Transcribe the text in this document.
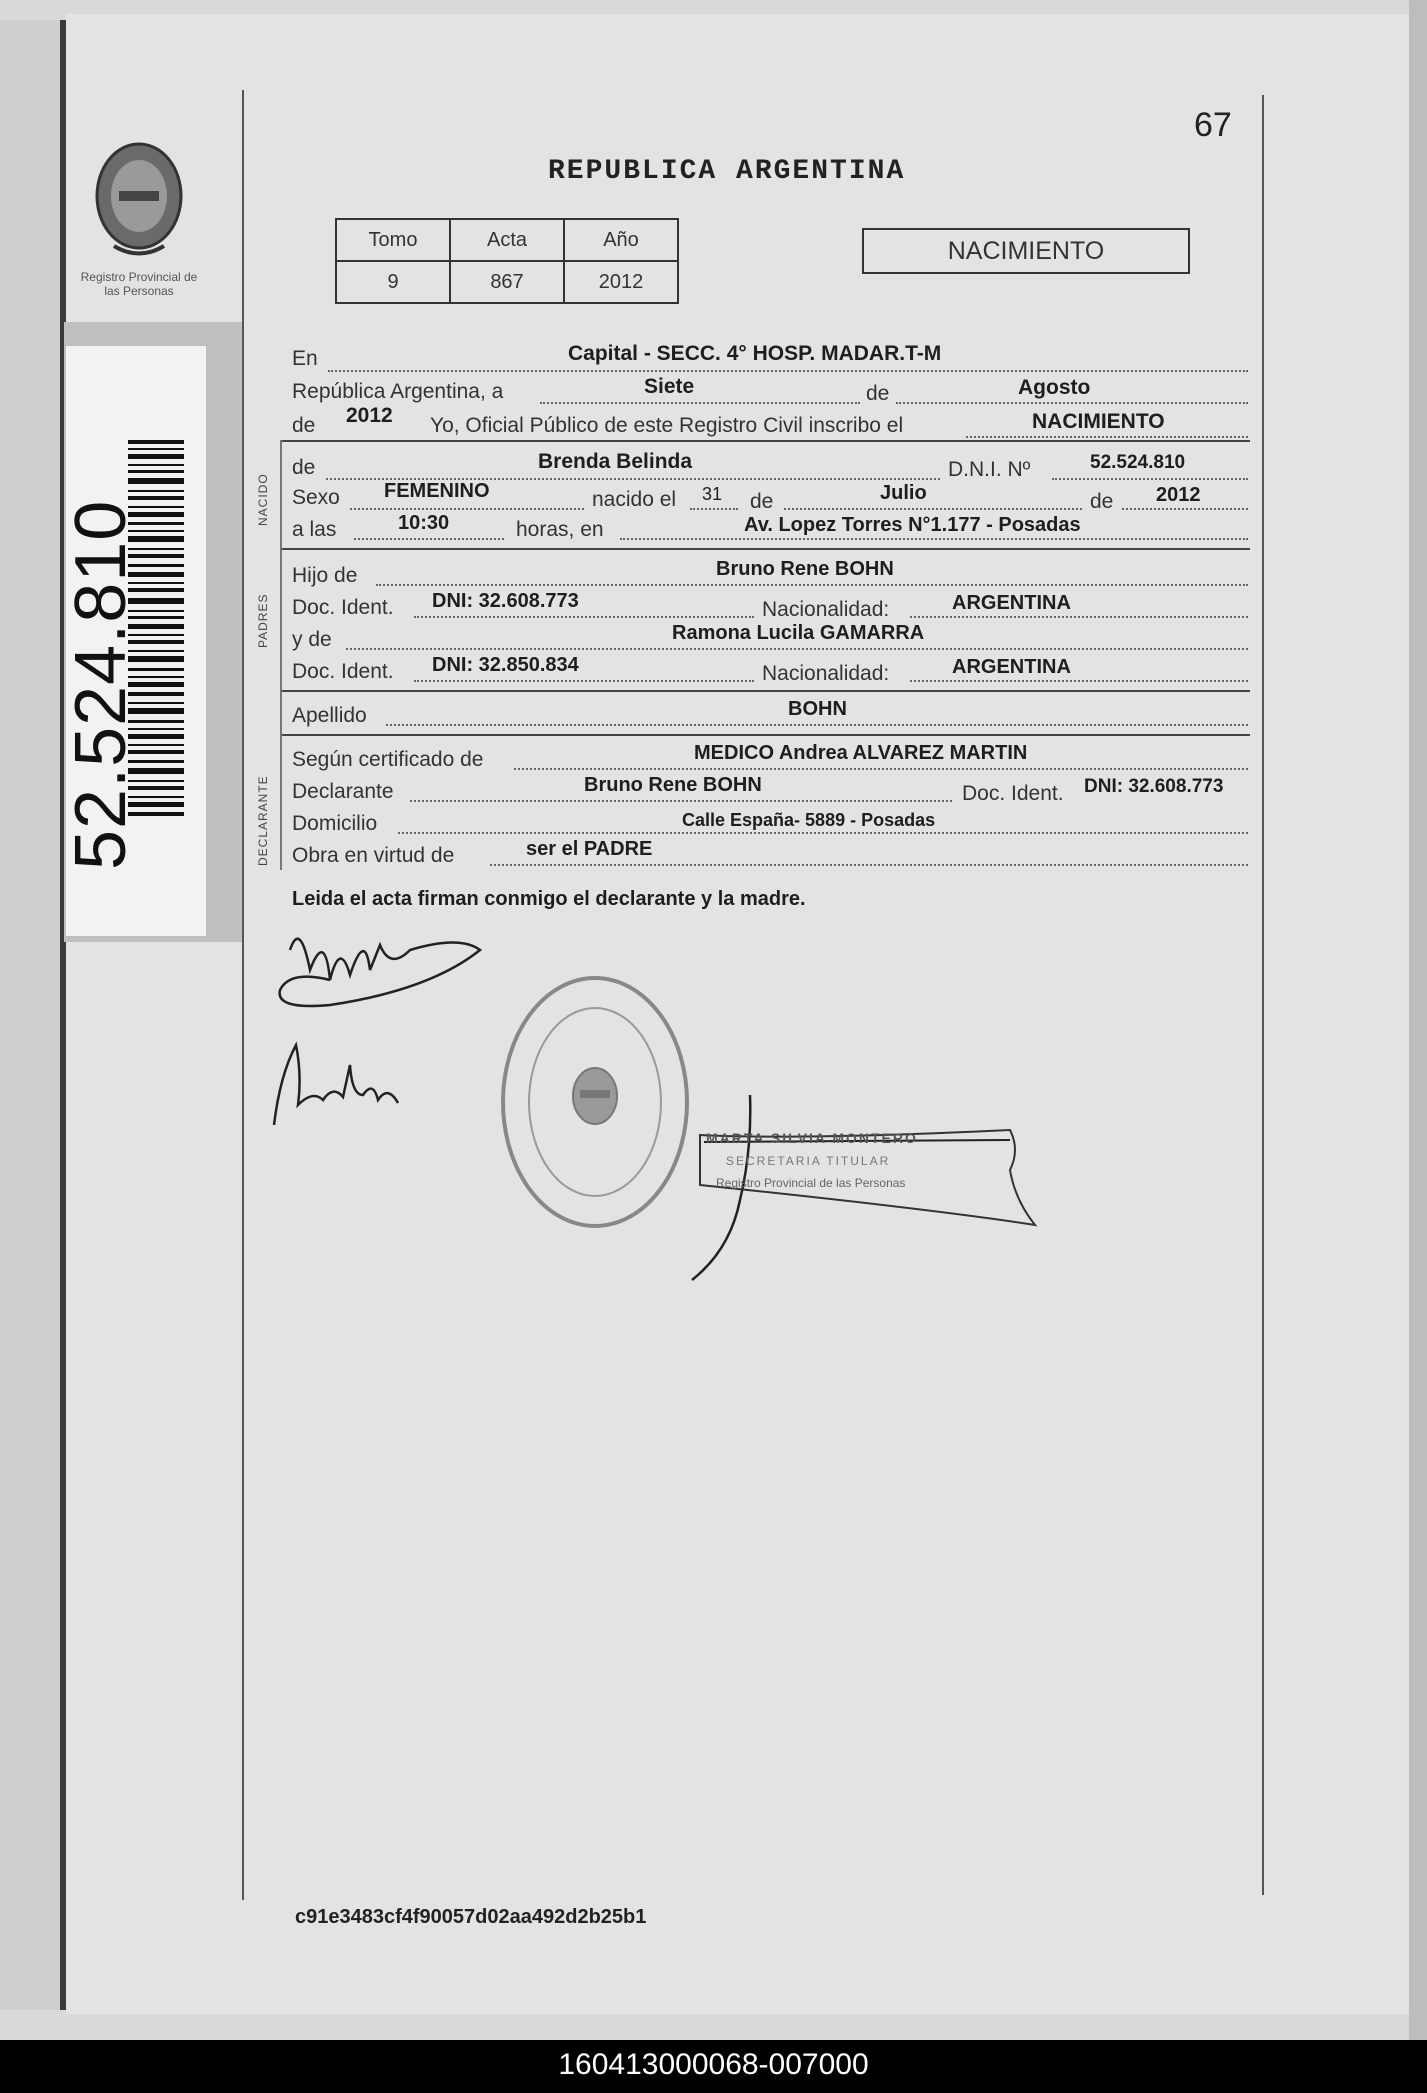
Registro Provincial de las Personas
52.524.810
67
REPUBLICA ARGENTINA
Tomo	Acta	Año
9	867	2012
NACIMIENTO
NACIDO
PADRES
DECLARANTE
En	Capital - SECC. 4° HOSP. MADAR.T-M
República Argentina, a	Siete	de	Agosto
de 2012 Yo, Oficial Público de este Registro Civil inscribo el	NACIMIENTO
de	Brenda Belinda	D.N.I. Nº	52.524.810
Sexo FEMENINO	nacido el 31 de	Julio	de 2012
a las	10:30	horas, en	Av. Lopez Torres N°1.177 - Posadas
Hijo de	Bruno Rene BOHN
Doc. Ident. DNI: 32.608.773	Nacionalidad:	ARGENTINA
y de	Ramona Lucila GAMARRA
Doc. Ident. DNI: 32.850.834	Nacionalidad:	ARGENTINA
Apellido	BOHN
Según certificado de	MEDICO Andrea ALVAREZ MARTIN
Declarante	Bruno Rene BOHN	Doc. Ident. DNI: 32.608.773
Domicilio	Calle España- 5889 - Posadas
Obra en virtud de	ser el PADRE
Leida el acta firman conmigo el declarante y la madre.
MARTA SILVIA MONTERO
SECRETARIA TITULAR
Registro Provincial de las Personas
c91e3483cf4f90057d02aa492d2b25b1
160413000068-007000
